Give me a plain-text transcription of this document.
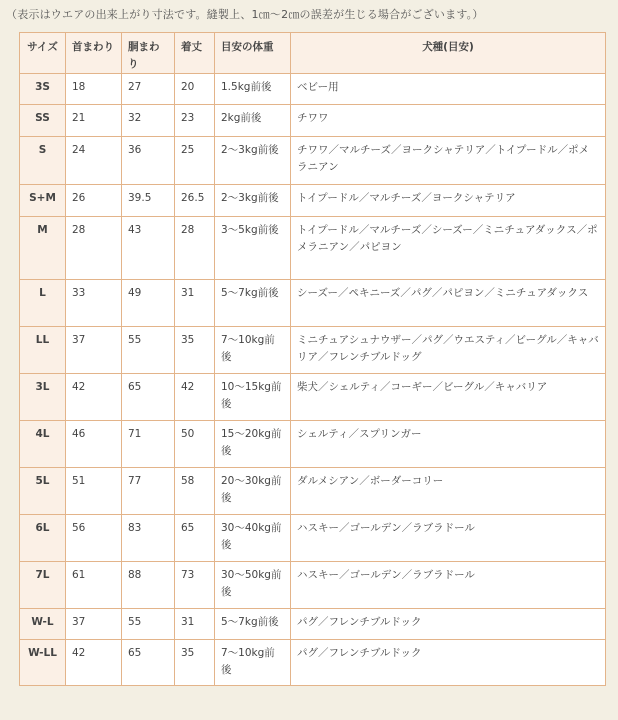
（表示はウエアの出来上がり寸法です。縫製上、1㎝〜2㎝の誤差が生じる場合がございます。）
サイズ	首まわり	胴まわり	着丈	目安の体重	犬種(目安)
3S	18	27	20	1.5kg前後	ベビー用
SS	21	32	23	2kg前後	チワワ
S	24	36	25	2〜3kg前後	チワワ／マルチーズ／ヨークシャテリア／トイプードル／ポメラニアン
S+M	26	39.5	26.5	2〜3kg前後	トイプードル／マルチーズ／ヨークシャテリア
M	28	43	28	3〜5kg前後	トイプードル／マルチーズ／シーズー／ミニチュアダックス／ポメラニアン／パピヨン
L	33	49	31	5〜7kg前後	シーズー／ペキニーズ／パグ／パピヨン／ミニチュアダックス
LL	37	55	35	7〜10kg前後	ミニチュアシュナウザー／パグ／ウエスティ／ビーグル／キャバリア／フレンチブルドッグ
3L	42	65	42	10〜15kg前後	柴犬／シェルティ／コーギー／ビーグル／キャバリア
4L	46	71	50	15〜20kg前後	シェルティ／スプリンガー
5L	51	77	58	20〜30kg前後	ダルメシアン／ボーダーコリー
6L	56	83	65	30〜40kg前後	ハスキー／ゴールデン／ラブラドール
7L	61	88	73	30〜50kg前後	ハスキー／ゴールデン／ラブラドール
W-L	37	55	31	5〜7kg前後	パグ／フレンチブルドック
W-LL	42	65	35	7〜10kg前後	パグ／フレンチブルドック
